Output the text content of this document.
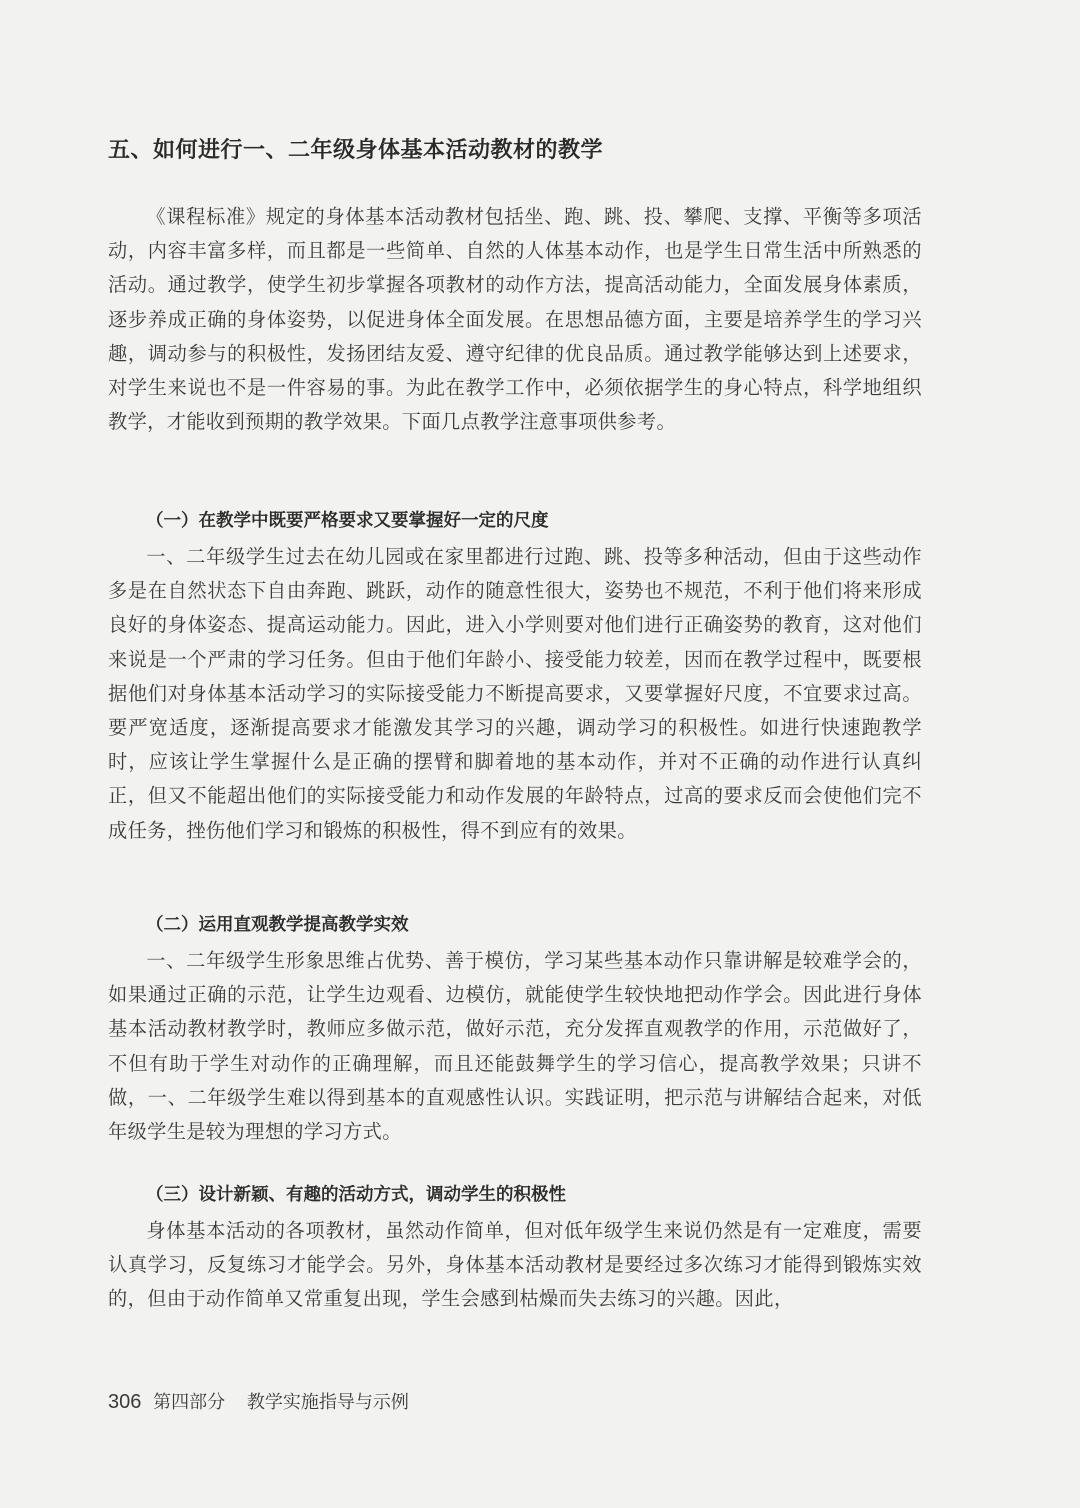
五、如何进行一、二年级身体基本活动教材的教学

《课程标准》规定的身体基本活动教材包括坐、跑、跳、投、攀爬、支撑、平衡等多项活动，内容丰富多样，而且都是一些简单、自然的人体基本动作，也是学生日常生活中所熟悉的活动。通过教学，使学生初步掌握各项教材的动作方法，提高活动能力，全面发展身体素质，逐步养成正确的身体姿势，以促进身体全面发展。在思想品德方面，主要是培养学生的学习兴趣，调动参与的积极性，发扬团结友爱、遵守纪律的优良品质。通过教学能够达到上述要求，对学生来说也不是一件容易的事。为此在教学工作中，必须依据学生的身心特点，科学地组织教学，才能收到预期的教学效果。下面几点教学注意事项供参考。

（一）在教学中既要严格要求又要掌握好一定的尺度

一、二年级学生过去在幼儿园或在家里都进行过跑、跳、投等多种活动，但由于这些动作多是在自然状态下自由奔跑、跳跃，动作的随意性很大，姿势也不规范，不利于他们将来形成良好的身体姿态、提高运动能力。因此，进入小学则要对他们进行正确姿势的教育，这对他们来说是一个严肃的学习任务。但由于他们年龄小、接受能力较差，因而在教学过程中，既要根据他们对身体基本活动学习的实际接受能力不断提高要求，又要掌握好尺度，不宜要求过高。要严宽适度，逐渐提高要求才能激发其学习的兴趣，调动学习的积极性。如进行快速跑教学时，应该让学生掌握什么是正确的摆臂和脚着地的基本动作，并对不正确的动作进行认真纠正，但又不能超出他们的实际接受能力和动作发展的年龄特点，过高的要求反而会使他们完不成任务，挫伤他们学习和锻炼的积极性，得不到应有的效果。

（二）运用直观教学提高教学实效

一、二年级学生形象思维占优势、善于模仿，学习某些基本动作只靠讲解是较难学会的，如果通过正确的示范，让学生边观看、边模仿，就能使学生较快地把动作学会。因此进行身体基本活动教材教学时，教师应多做示范，做好示范，充分发挥直观教学的作用，示范做好了，不但有助于学生对动作的正确理解，而且还能鼓舞学生的学习信心，提高教学效果；只讲不做，一、二年级学生难以得到基本的直观感性认识。实践证明，把示范与讲解结合起来，对低年级学生是较为理想的学习方式。

（三）设计新颖、有趣的活动方式，调动学生的积极性

身体基本活动的各项教材，虽然动作简单，但对低年级学生来说仍然是有一定难度，需要认真学习，反复练习才能学会。另外，身体基本活动教材是要经过多次练习才能得到锻炼实效的，但由于动作简单又常重复出现，学生会感到枯燥而失去练习的兴趣。因此，

306 第四部分 教学实施指导与示例
